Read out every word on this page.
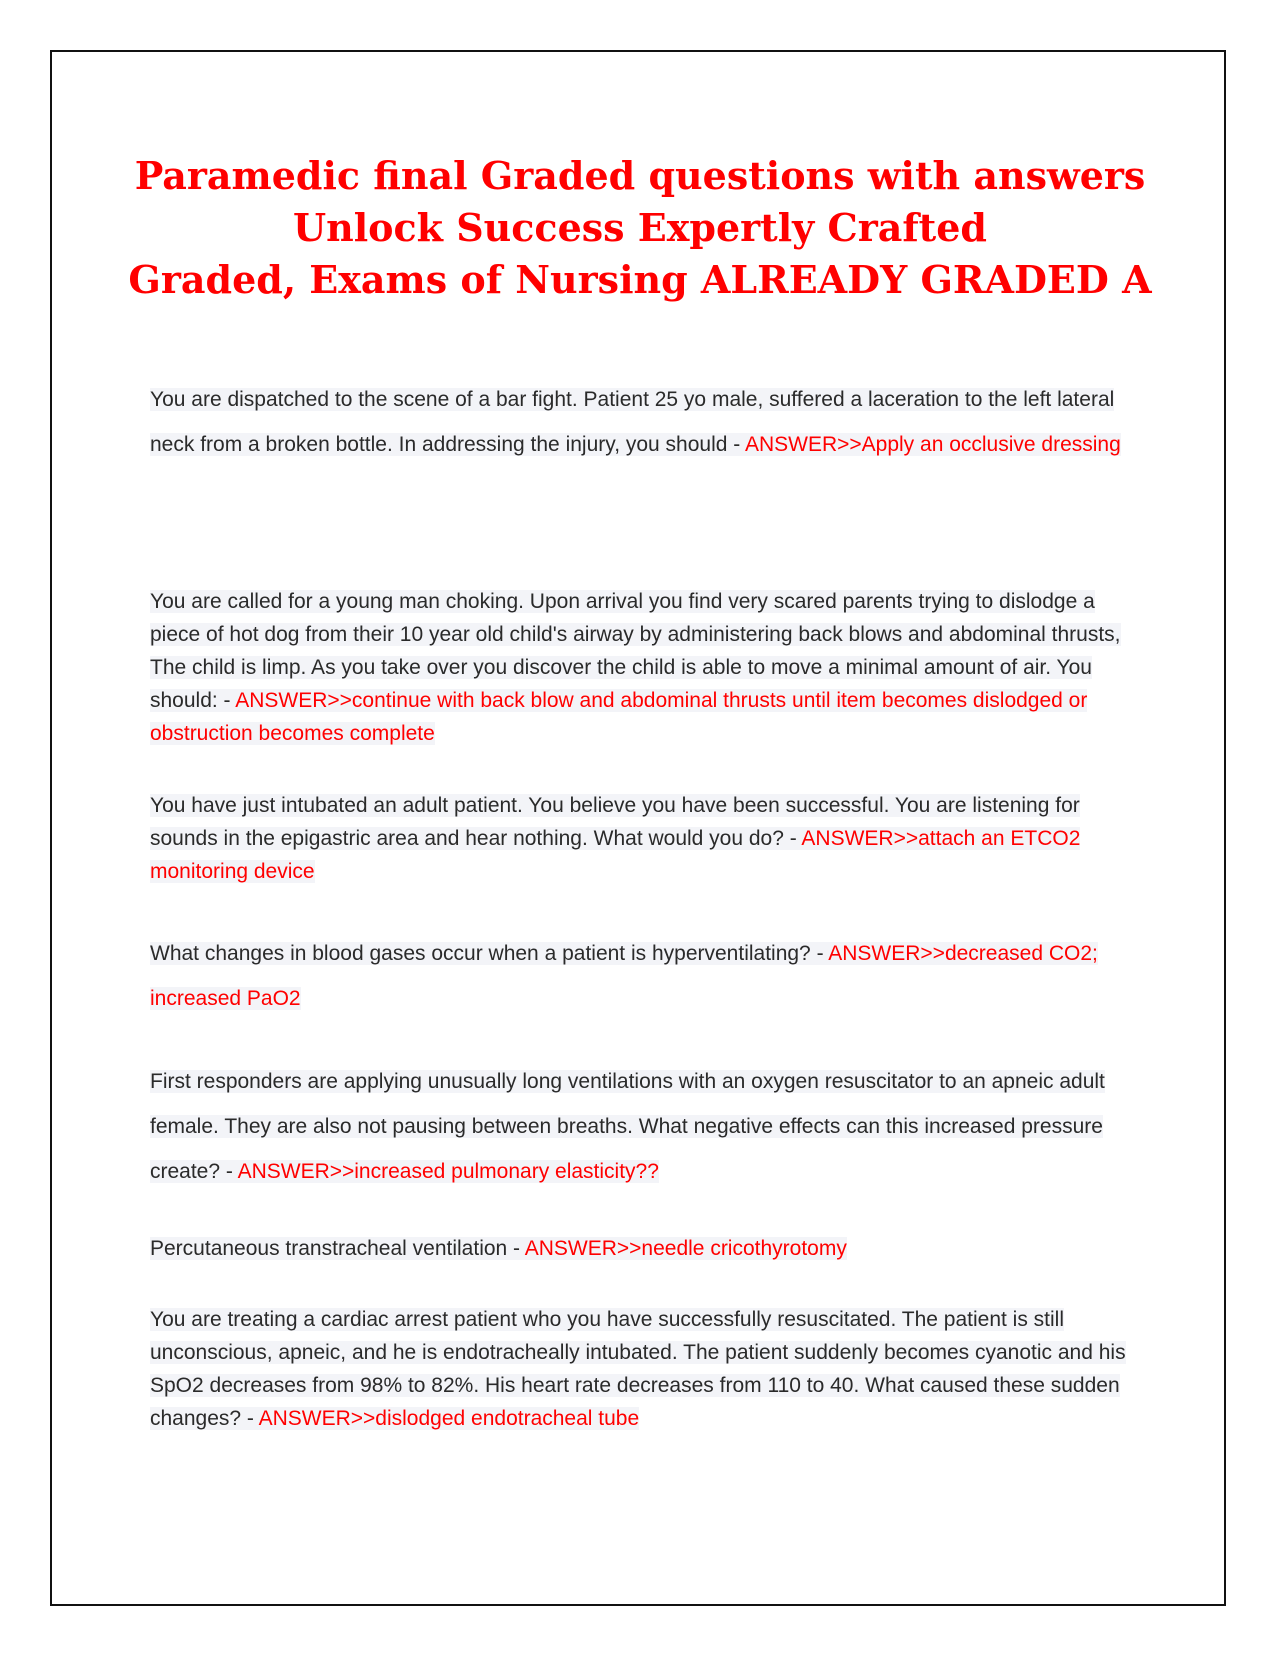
Paramedic final Graded questions with answers
Unlock Success Expertly Crafted
Graded, Exams of Nursing ALREADY GRADED A

You are dispatched to the scene of a bar fight. Patient 25 yo male, suffered a laceration to the left lateral neck from a broken bottle. In addressing the injury, you should - ANSWER>>Apply an occlusive dressing

You are called for a young man choking. Upon arrival you find very scared parents trying to dislodge a piece of hot dog from their 10 year old child's airway by administering back blows and abdominal thrusts, The child is limp. As you take over you discover the child is able to move a minimal amount of air. You should: - ANSWER>>continue with back blow and abdominal thrusts until item becomes dislodged or obstruction becomes complete

You have just intubated an adult patient. You believe you have been successful. You are listening for sounds in the epigastric area and hear nothing. What would you do? - ANSWER>>attach an ETCO2 monitoring device

What changes in blood gases occur when a patient is hyperventilating? - ANSWER>>decreased CO2; increased PaO2

First responders are applying unusually long ventilations with an oxygen resuscitator to an apneic adult female. They are also not pausing between breaths. What negative effects can this increased pressure create? - ANSWER>>increased pulmonary elasticity??

Percutaneous transtracheal ventilation - ANSWER>>needle cricothyrotomy

You are treating a cardiac arrest patient who you have successfully resuscitated. The patient is still unconscious, apneic, and he is endotracheally intubated. The patient suddenly becomes cyanotic and his SpO2 decreases from 98% to 82%. His heart rate decreases from 110 to 40. What caused these sudden changes? - ANSWER>>dislodged endotracheal tube
